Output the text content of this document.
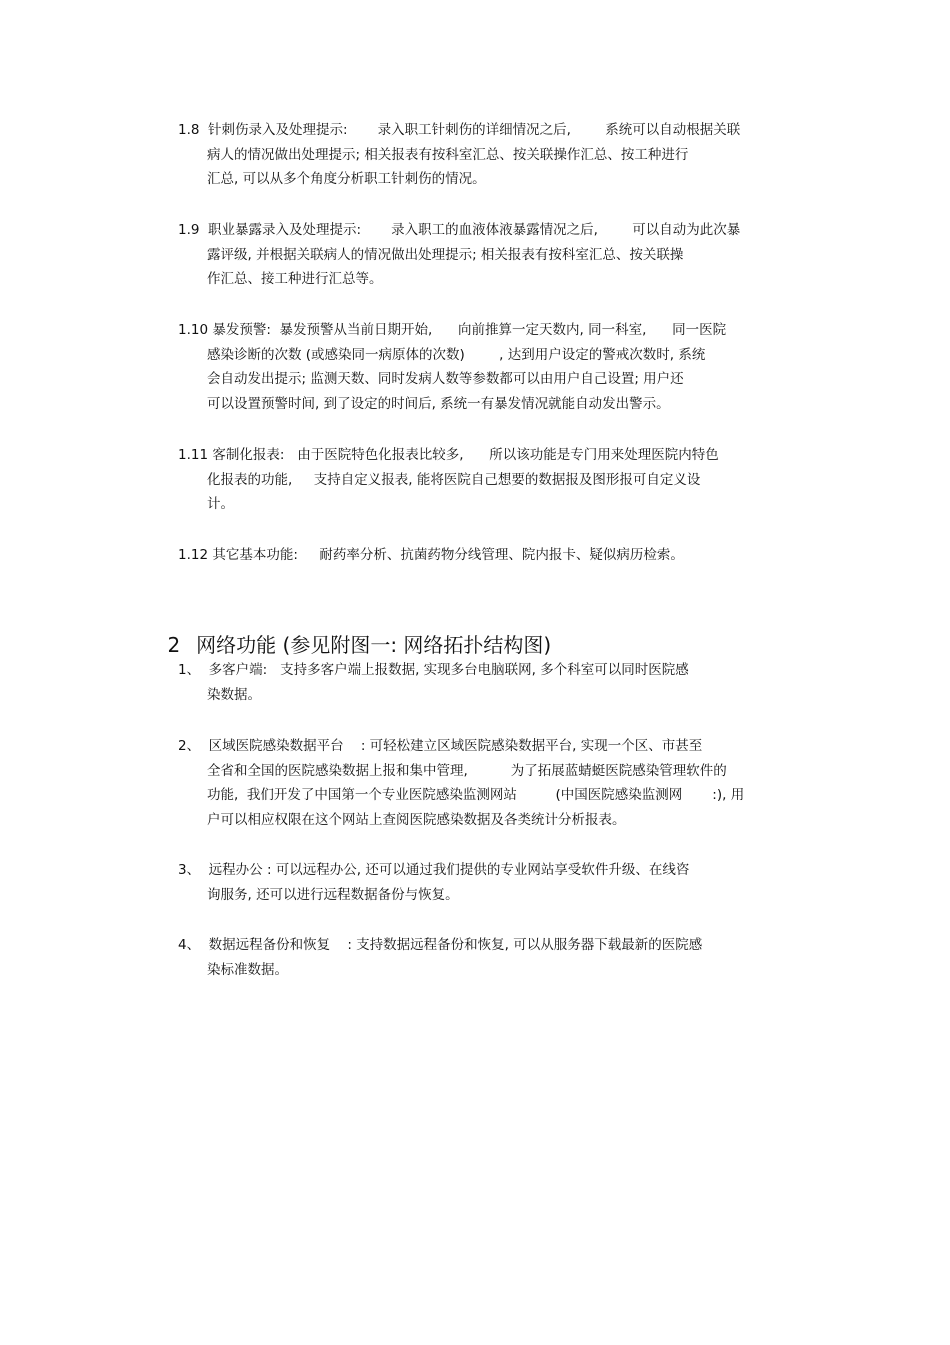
1.8  针刺伤录入及处理提示:       录入职工针刺伤的详细情况之后,        系统可以自动根据关联
病人的情况做出处理提示; 相关报表有按科室汇总、按关联操作汇总、按工种进行
汇总, 可以从多个角度分析职工针刺伤的情况。
1.9  职业暴露录入及处理提示:       录入职工的血液体液暴露情况之后,        可以自动为此次暴
露评级, 并根据关联病人的情况做出处理提示; 相关报表有按科室汇总、按关联操
作汇总、接工种进行汇总等。
1.10 暴发预警:  暴发预警从当前日期开始,      向前推算一定天数内, 同一科室,      同一医院
感染诊断的次数 (或感染同一病原体的次数)        , 达到用户设定的警戒次数时, 系统
会自动发出提示; 监测天数、同时发病人数等参数都可以由用户自己设置; 用户还
可以设置预警时间, 到了设定的时间后, 系统一有暴发情况就能自动发出警示。
1.11 客制化报表:   由于医院特色化报表比较多,      所以该功能是专门用来处理医院内特色
化报表的功能,     支持自定义报表, 能将医院自己想要的数据报及图形报可自定义设
计。
1.12 其它基本功能:     耐药率分析、抗菌药物分线管理、院内报卡、疑似病历检索。

2 网络功能 (参见附图一: 网络拓扑结构图)

1、  多客户端:   支持多客户端上报数据, 实现多台电脑联网, 多个科室可以同时医院感
染数据。
2、  区域医院感染数据平台    : 可轻松建立区域医院感染数据平台, 实现一个区、市甚至
全省和全国的医院感染数据上报和集中管理,          为了拓展蓝蜻蜓医院感染管理软件的
功能,  我们开发了中国第一个专业医院感染监测网站         (中国医院感染监测网       :), 用
户可以相应权限在这个网站上查阅医院感染数据及各类统计分析报表。
3、  远程办公 : 可以远程办公, 还可以通过我们提供的专业网站享受软件升级、在线咨
询服务, 还可以进行远程数据备份与恢复。
4、  数据远程备份和恢复    : 支持数据远程备份和恢复, 可以从服务器下载最新的医院感
染标准数据。
